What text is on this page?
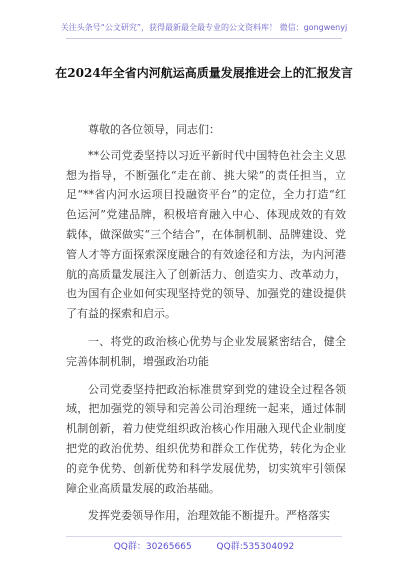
关注头条号“公文研究”，获得最新最全最专业的公文资料库！ 微信：gongwenyj
在2024年全省内河航运高质量发展推进会上的汇报发言

尊敬的各位领导，同志们：

**公司党委坚持以习近平新时代中国特色社会主义思想为指导，不断强化“走在前、挑大梁”的责任担当，立足“**省内河水运项目投融资平台”的定位，全力打造“红色运河”党建品牌，积极培育融入中心、体现成效的有效载体，做深做实“三个结合”，在体制机制、品牌建设、党管人才等方面探索深度融合的有效途径和方法，为内河港航的高质量发展注入了创新活力、创造实力、改革动力，也为国有企业如何实现坚持党的领导、加强党的建设提供了有益的探索和启示。

一、将党的政治核心优势与企业发展紧密结合，健全完善体制机制，增强政治功能

公司党委坚持把政治标准贯穿到党的建设全过程各领域，把加强党的领导和完善公司治理统一起来，通过体制机制创新，着力使党组织政治核心作用融入现代企业制度把党的政治优势、组织优势和群众工作优势，转化为企业的竞争优势、创新优势和科学发展优势，切实筑牢引领保障企业高质量发展的政治基础。

发挥党委领导作用，治理效能不断提升。严格落实

QQ群：30265665	QQ群:535304092
